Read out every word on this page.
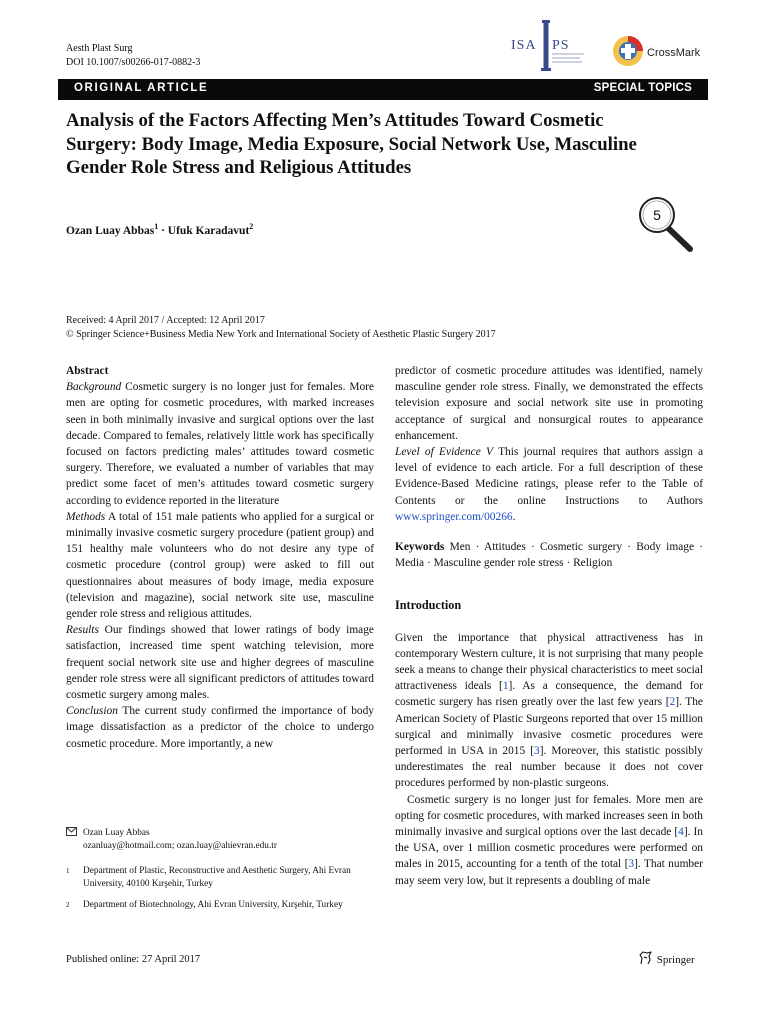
Aesth Plast Surg
DOI 10.1007/s00266-017-0882-3
ISA PS	CrossMark
ORIGINAL ARTICLE	SPECIAL TOPICS
Analysis of the Factors Affecting Men’s Attitudes Toward Cosmetic Surgery: Body Image, Media Exposure, Social Network Use, Masculine Gender Role Stress and Religious Attitudes
5
Ozan Luay Abbas$^1$ · Ufuk Karadavut$^2$
Received: 4 April 2017 / Accepted: 12 April 2017
© Springer Science+Business Media New York and International Society of Aesthetic Plastic Surgery 2017

Abstract

Background Cosmetic surgery is no longer just for females. More men are opting for cosmetic procedures, with marked increases seen in both minimally invasive and surgical options over the last decade. Compared to females, relatively little work has specifically focused on factors predicting males’ attitudes toward cosmetic surgery. Therefore, we evaluated a number of variables that may predict some facet of men’s attitudes toward cosmetic surgery according to evidence reported in the literature

Methods A total of 151 male patients who applied for a surgical or minimally invasive cosmetic surgery procedure (patient group) and 151 healthy male volunteers who do not desire any type of cosmetic procedure (control group) were asked to fill out questionnaires about measures of body image, media exposure (television and magazine), social network site use, masculine gender role stress and religious attitudes.

Results Our findings showed that lower ratings of body image satisfaction, increased time spent watching television, more frequent social network site use and higher degrees of masculine gender role stress were all significant predictors of attitudes toward cosmetic surgery among males.

Conclusion The current study confirmed the importance of body image dissatisfaction as a predictor of the choice to undergo cosmetic procedure. More importantly, a new

predictor of cosmetic procedure attitudes was identified, namely masculine gender role stress. Finally, we demonstrated the effects television exposure and social network site use in promoting acceptance of surgical and nonsurgical routes to appearance enhancement.

Level of Evidence V This journal requires that authors assign a level of evidence to each article. For a full description of these Evidence-Based Medicine ratings, please refer to the Table of Contents or the online Instructions to Authors www.springer.com/00266.

Keywords Men · Attitudes · Cosmetic surgery · Body image · Media · Masculine gender role stress · Religion

Introduction

Given the importance that physical attractiveness has in contemporary Western culture, it is not surprising that many people seek a means to change their physical characteristics to meet social attractiveness ideals [1]. As a consequence, the demand for cosmetic surgery has risen greatly over the last few years [2]. The American Society of Plastic Surgeons reported that over 15 million surgical and minimally invasive cosmetic procedures were performed in USA in 2015 [3]. Moreover, this statistic possibly underestimates the real number because it does not cover procedures performed by non-plastic surgeons.

Cosmetic surgery is no longer just for females. More men are opting for cosmetic procedures, with marked increases seen in both minimally invasive and surgical options over the last decade [4]. In the USA, over 1 million cosmetic procedures were performed on males in 2015, accounting for a tenth of the total [3]. That number may seem very low, but it represents a doubling of male

Ozan Luay Abbas
ozanluay@hotmail.com; ozan.luay@ahievran.edu.tr
1 Department of Plastic, Reconstructive and Aesthetic Surgery, Ahi Evran University, 40100 Kırşehir, Turkey
2 Department of Biotechnology, Ahi Evran University, Kırşehir, Turkey
Published online: 27 April 2017	Springer
